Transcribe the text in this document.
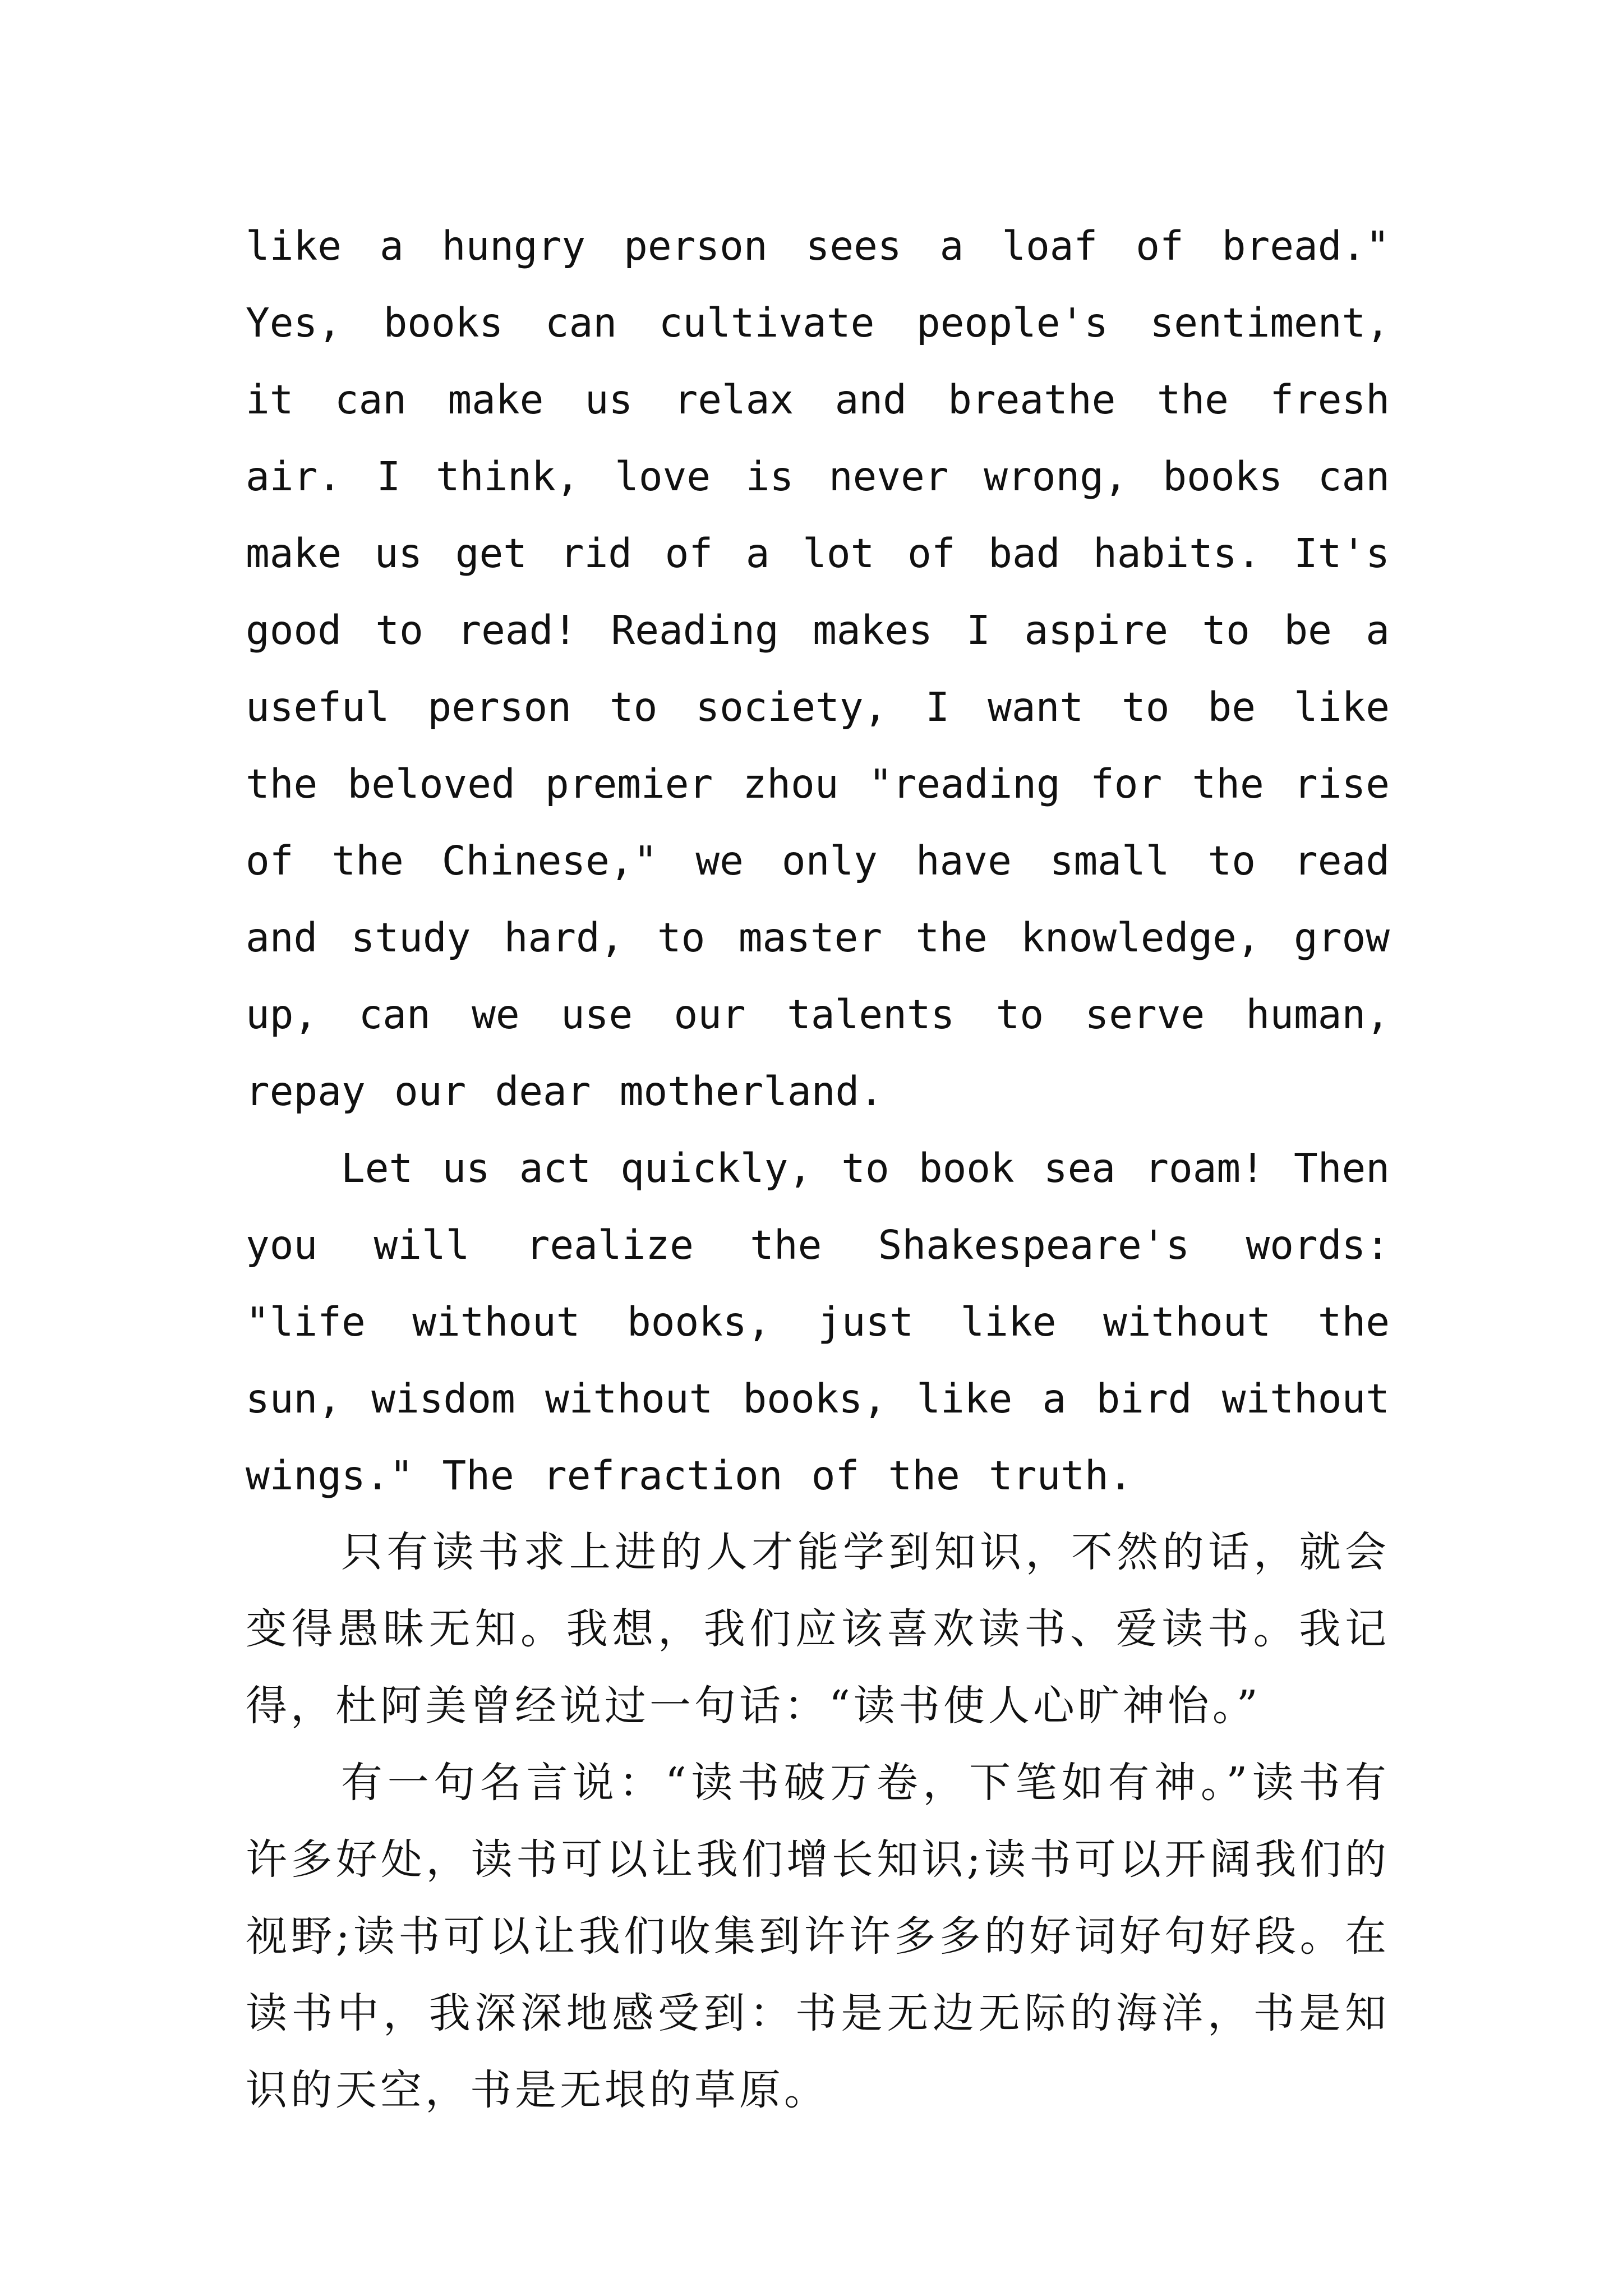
like a hungry person sees a loaf of bread." Yes, books can cultivate people's sentiment, it can make us relax and breathe the fresh air. I think, love is never wrong, books can make us get rid of a lot of bad habits. It's good to read! Reading makes I aspire to be a useful person to society, I want to be like the beloved premier zhou "reading for the rise of the Chinese," we only have small to read and study hard, to master the knowledge, grow up, can we use our talents to serve human, repay our dear motherland.

Let us act quickly, to book sea roam! Then you will realize the Shakespeare's words: "life without books, just like without the sun, wisdom without books, like a bird without wings." The refraction of the truth.

只有读书求上进的人才能学到知识，不然的话，就会变得愚昧无知。我想，我们应该喜欢读书、爱读书。我记得，杜阿美曾经说过一句话：“读书使人心旷神怡。”

有一句名言说：“读书破万卷，下笔如有神。”读书有许多好处，读书可以让我们增长知识;读书可以开阔我们的视野;读书可以让我们收集到许许多多的好词好句好段。在读书中，我深深地感受到：书是无边无际的海洋，书是知识的天空，书是无垠的草原。
